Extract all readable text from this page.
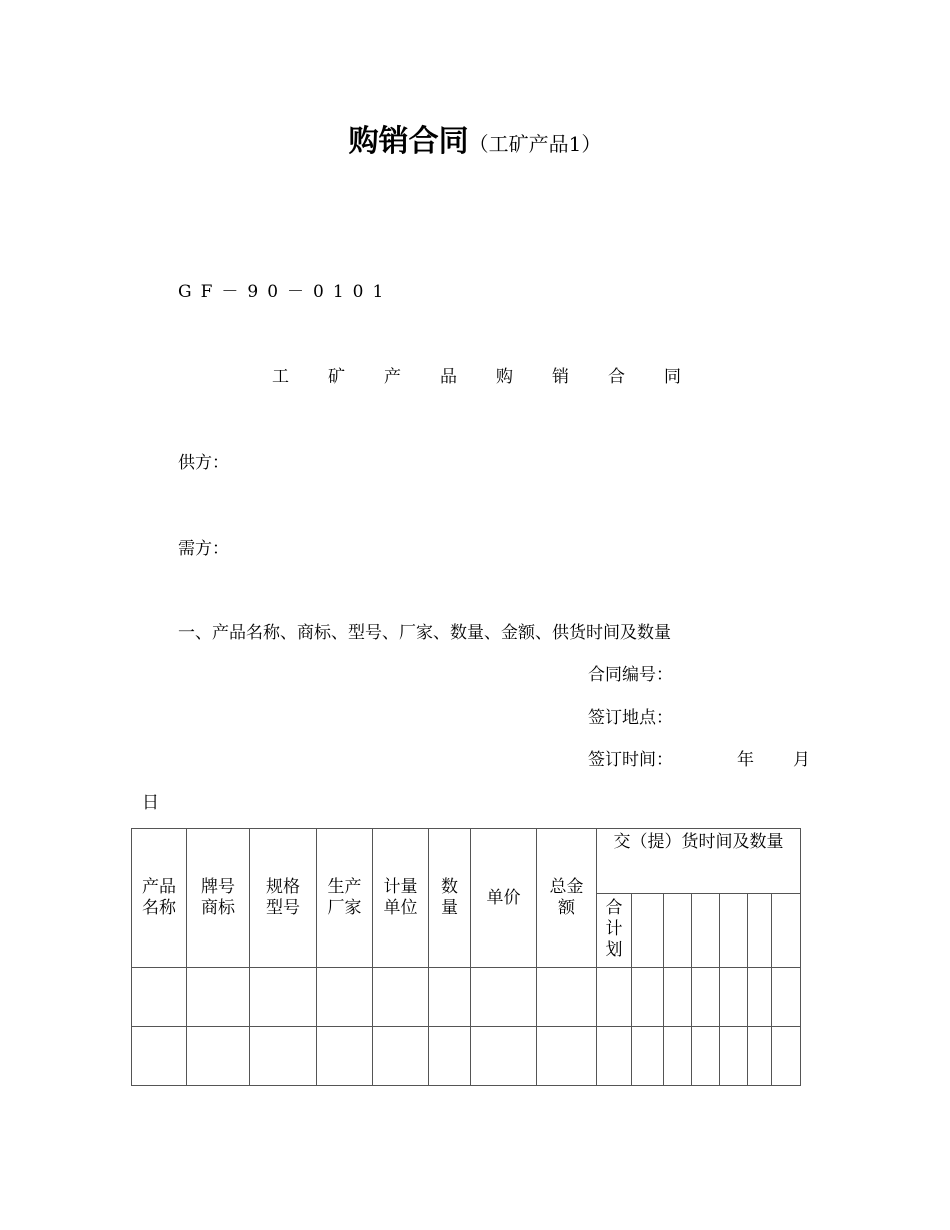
购销合同（工矿产品1）
GF－90－0101
工 矿 产 品 购 销 合 同
供方：
需方：
一、产品名称、商标、型号、厂家、数量、金额、供货时间及数量
合同编号：
签订地点：
签订时间：	年 月
日
产品名称	牌号商标	规格型号	生产厂家	计量单位	数量	单价	总金额	交（提）货时间及数量						

								合计划						
